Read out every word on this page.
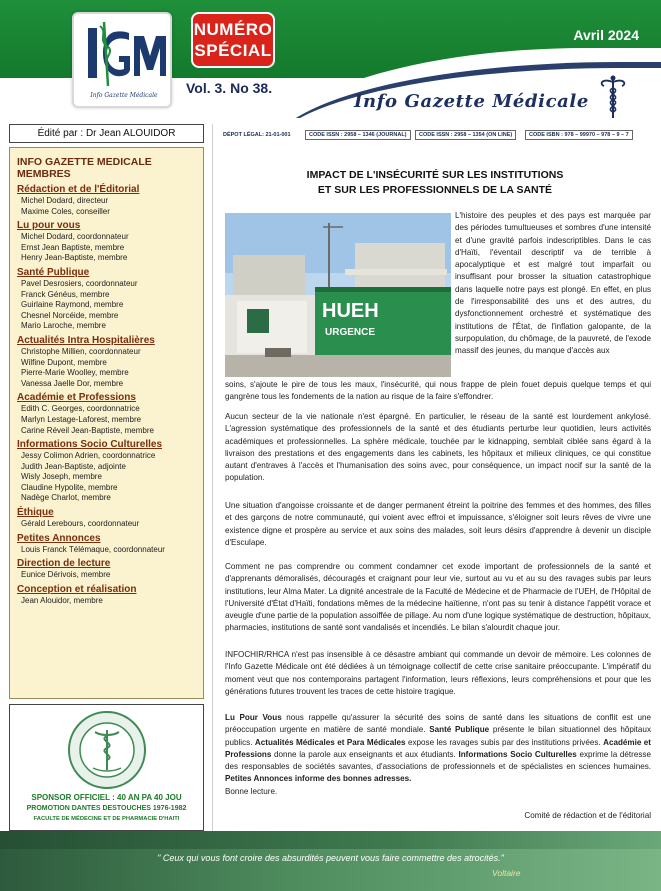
Info Gazette Médicale
NUMÉRO
SPÉCIAL
Vol. 3. No 38.
Avril 2024
Info Gazette Médicale
Édité par : Dr Jean ALOUIDOR
INFO GAZETTE MEDICALE MEMBRES
Rédaction et de l'Éditorial
Michel Dodard, directeur
Maxime Coles, conseiller
Lu pour vous
Michel Dodard, coordonnateur
Ernst Jean Baptiste, membre
Henry Jean-Baptiste, membre
Santé Publique
Pavel Desrosiers, coordonnateur
Franck Généus, membre
Guirlaine Raymond, membre
Chesnel Norcéide, membre
Mario Laroche, membre
Actualités Intra Hospitalières
Christophe Millien, coordonnateur
Wilfine Dupont, membre
Pierre-Marie Woolley, membre
Vanessa Jaelle Dor, membre
Académie et Professions
Edith C. Georges, coordonnatrice
Marlyn Lestage-Laforest, membre
Carine Réveil Jean-Baptiste, membre
Informations Socio Culturelles
Jessy Colimon Adrien, coordonnatrice
Judith Jean-Baptiste, adjointe
Wisly Joseph, membre
Claudine Hypolite, membre
Nadège Charlot, membre
Éthique
Gérald Lerebours, coordonnateur
Petites Annonces
Louis Franck Télémaque, coordonnateur
Direction de lecture
Eunice Dérivois, membre
Conception et réalisation
Jean Alouidor, membre
SPONSOR OFFICIEL : 40 AN PA 40 JOU
PROMOTION DANTES DESTOUCHES 1976-1982
FACULTE DE MÉDECINE ET DE PHARMACIE D'HAITI
DÉPOT LÉGAL: 21-01-001	CODE ISSN : 2958 – 1346 (JOURNAL)	CODE ISSN : 2958 – 1354 (ON LINE)	CODE ISBN : 978 – 99970 – 978 – 9 – 7
IMPACT DE L'INSÉCURITÉ SUR LES INSTITUTIONS
ET SUR LES PROFESSIONNELS DE LA SANTÉ
HUEH
URGENCE
L'histoire des peuples et des pays est marquée par des périodes tumultueuses et sombres d'une intensité et d'une gravité parfois indescriptibles. Dans le cas d'Haïti, l'éventail descriptif va de terrible à apocalyptique et est malgré tout imparfait ou insuffisant pour brosser la situation catastrophique dans laquelle notre pays est plongé. En effet, en plus de l'irresponsabilité des uns et des autres, du dysfonctionnement orchestré et systématique des institutions de l'État, de l'inflation galopante, de la surpopulation, du chômage, de la pauvreté, de l'exode massif des jeunes, du manque d'accès aux
soins, s'ajoute le pire de tous les maux, l'insécurité, qui nous frappe de plein fouet depuis quelque temps et qui gangrène tous les fondements de la nation au risque de la faire s'effondrer.
Aucun secteur de la vie nationale n'est épargné. En particulier, le réseau de la santé est lourdement ankylosé. L'agression systématique des professionnels de la santé et des étudiants perturbe leur quotidien, leurs activités académiques et professionnelles. La sphère médicale, touchée par le kidnapping, semblait ciblée sans égard à la livraison des prestations et des engagements dans les cabinets, les hôpitaux et milieux cliniques, ce qui constitue autant d'entraves à l'accès et l'humanisation des soins avec, pour conséquence, un impact nocif sur la santé de la population.
Une situation d'angoisse croissante et de danger permanent étreint la poitrine des femmes et des hommes, des filles et des garçons de notre communauté, qui voient avec effroi et impuissance, s'éloigner soit leurs rêves de vivre une existence digne et prospère au service et aux soins des malades, soit leurs désirs d'apprendre à devenir un disciple d'Esculape.
Comment ne pas comprendre ou comment condamner cet exode important de professionnels de la santé et d'apprenants démoralisés, découragés et craignant pour leur vie, surtout au vu et au su des ravages subis par leurs institutions, leur Alma Mater. La dignité ancestrale de la Faculté de Médecine et de Pharmacie de l'UEH, de l'Hôpital de l'Université d'État d'Haïti, fondations mêmes de la médecine haïtienne, n'ont pas su tenir à distance l'appétit vorace et aveugle d'une partie de la population assoiffée de pillage. Au nom d'une logique systématique de destruction, hôpitaux, pharmacies, institutions de santé sont vandalisés et incendiés. Le bilan s'alourdit chaque jour.
INFOCHIR/RHCA n'est pas insensible à ce désastre ambiant qui commande un devoir de mémoire. Les colonnes de l'Info Gazette Médicale ont été dédiées à un témoignage collectif de cette crise sanitaire préoccupante. L'impératif du moment veut que nos contemporains partagent l'information, leurs réflexions, leurs compréhensions et pour que les générations futures trouvent les traces de cette histoire tragique.
Lu Pour Vous nous rappelle qu'assurer la sécurité des soins de santé dans les situations de conflit est une préoccupation urgente en matière de santé mondiale. Santé Publique présente le bilan situationnel des hôpitaux publics. Actualités Médicales et Para Médicales expose les ravages subis par des institutions privées. Académie et Professions donne la parole aux enseignants et aux étudiants. Informations Socio Culturelles exprime la détresse des responsables de sociétés savantes, d'associations de professionnels et de spécialistes en sciences humaines. Petites Annonces informe des bonnes adresses.
Bonne lecture.
Comité de rédaction et de l'éditorial
" Ceux qui vous font croire des absurdités peuvent vous faire commettre des atrocités."
Voltaire
